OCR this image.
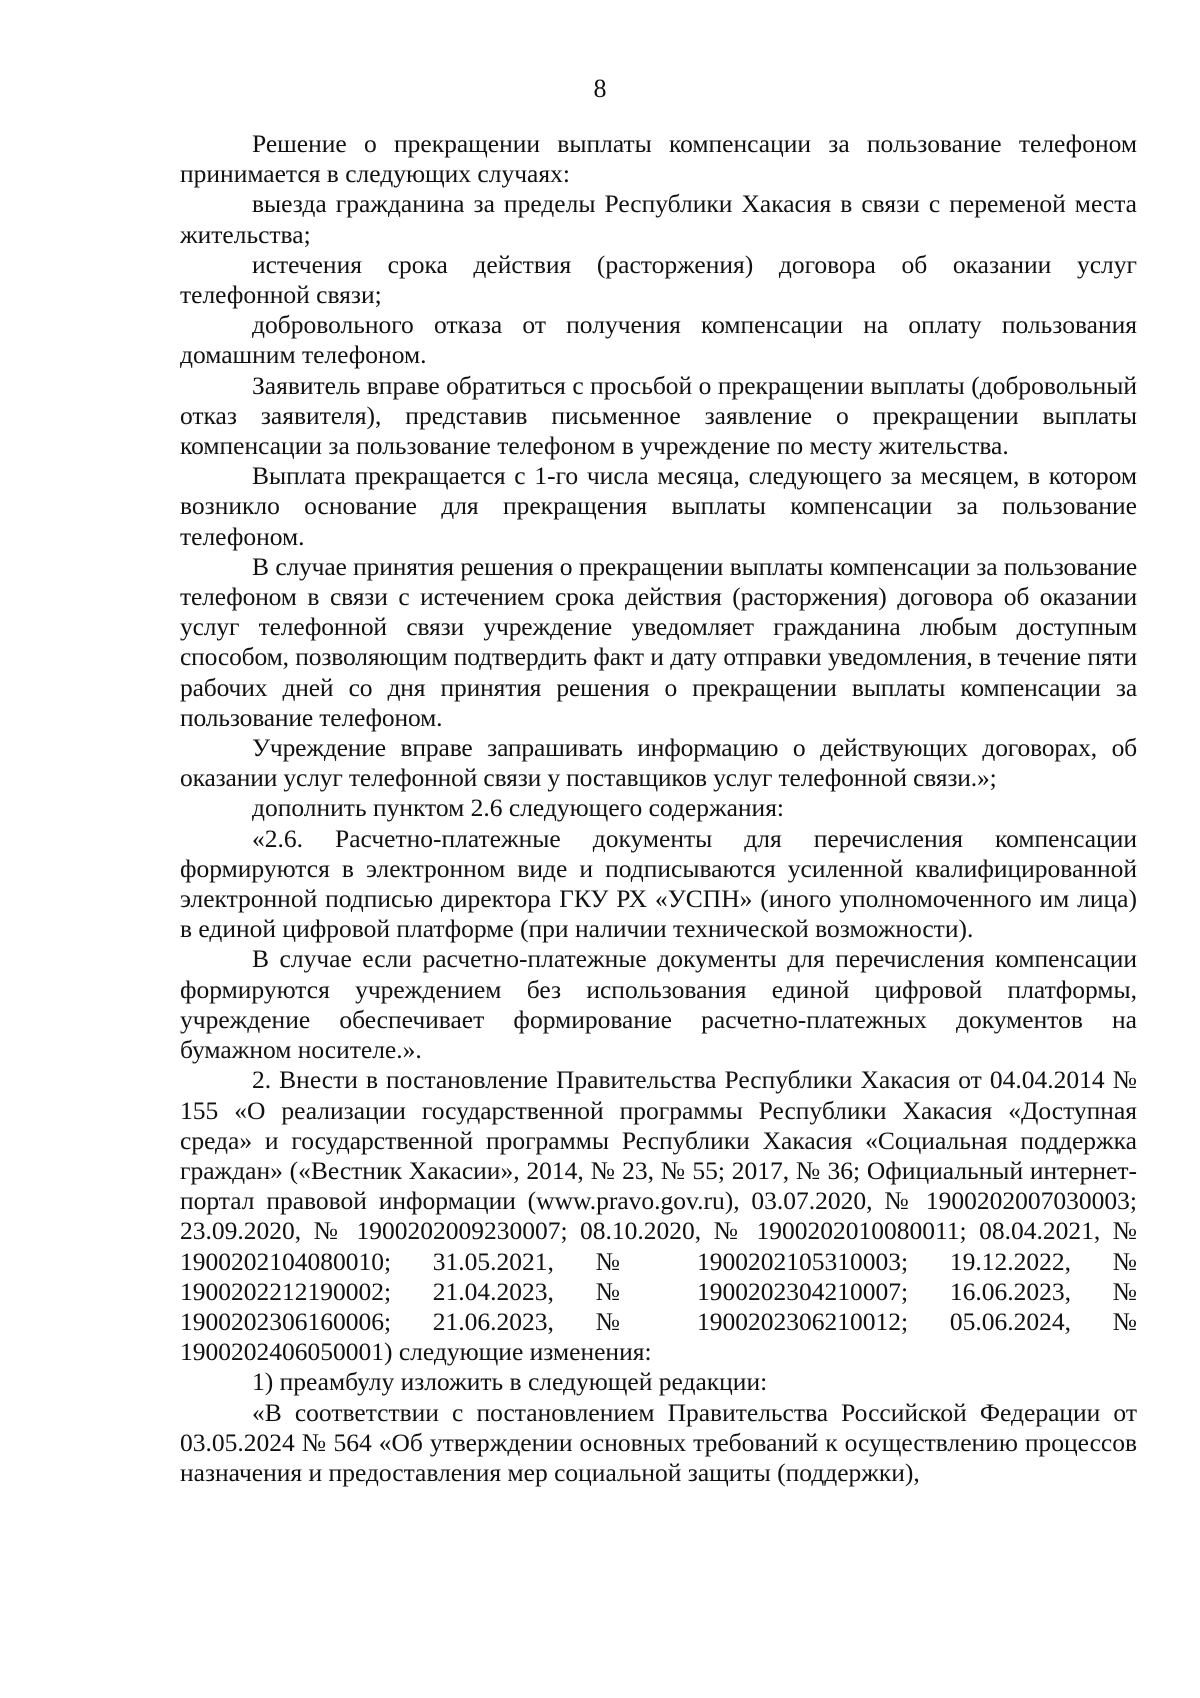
8

Решение о прекращении выплаты компенсации за пользование телефоном принимается в следующих случаях:

выезда гражданина за пределы Республики Хакасия в связи с переменой места жительства;

истечения срока действия (расторжения) договора об оказании услуг телефонной связи;

добровольного отказа от получения компенсации на оплату пользования домашним телефоном.

Заявитель вправе обратиться с просьбой о прекращении выплаты (добровольный отказ заявителя), представив письменное заявление о прекращении выплаты компенсации за пользование телефоном в учреждение по месту жительства.

Выплата прекращается с 1-го числа месяца, следующего за месяцем, в котором возникло основание для прекращения выплаты компенсации за пользование телефоном.

В случае принятия решения о прекращении выплаты компенсации за пользование телефоном в связи с истечением срока действия (расторжения) договора об оказании услуг телефонной связи учреждение уведомляет гражданина любым доступным способом, позволяющим подтвердить факт и дату отправки уведомления, в течение пяти рабочих дней со дня принятия решения о прекращении выплаты компенсации за пользование телефоном.

Учреждение вправе запрашивать информацию о действующих договорах, об оказании услуг телефонной связи у поставщиков услуг телефонной связи.»;

дополнить пунктом 2.6 следующего содержания:

«2.6. Расчетно-платежные документы для перечисления компенсации формируются в электронном виде и подписываются усиленной квалифицированной электронной подписью директора ГКУ РХ «УСПН» (иного уполномоченного им лица) в единой цифровой платформе (при наличии технической возможности).

В случае если расчетно-платежные документы для перечисления компенсации формируются учреждением без использования единой цифровой платформы, учреждение обеспечивает формирование расчетно-платежных документов на бумажном носителе.».

2. Внести в постановление Правительства Республики Хакасия от 04.04.2014 № 155 «О реализации государственной программы Республики Хакасия «Доступная среда» и государственной программы Республики Хакасия «Социальная поддержка граждан» («Вестник Хакасии», 2014, № 23, № 55; 2017, № 36; Официальный интернет-портал правовой информации (www.pravo.gov.ru), 03.07.2020, № 1900202007030003; 23.09.2020, № 1900202009230007; 08.10.2020, № 1900202010080011; 08.04.2021, № 1900202104080010; 31.05.2021, № 1900202105310003; 19.12.2022, № 1900202212190002; 21.04.2023, № 1900202304210007; 16.06.2023, № 1900202306160006; 21.06.2023, № 1900202306210012; 05.06.2024, № 1900202406050001) следующие изменения:

1) преамбулу изложить в следующей редакции:

«В соответствии с постановлением Правительства Российской Федерации от 03.05.2024 № 564 «Об утверждении основных требований к осуществлению процессов назначения и предоставления мер социальной защиты (поддержки),
